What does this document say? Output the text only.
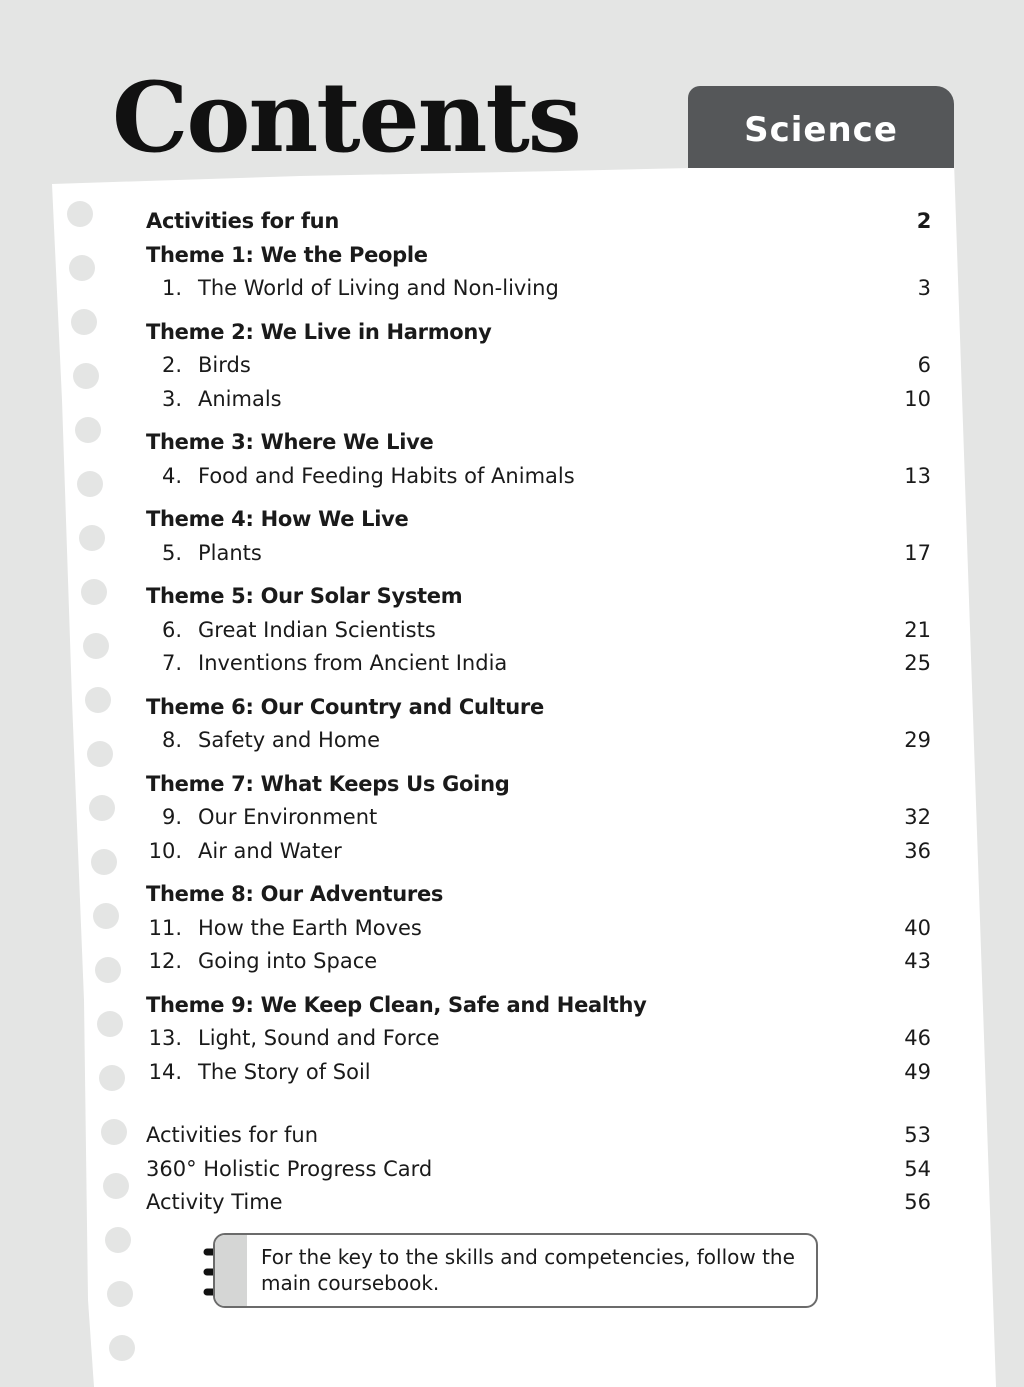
Contents	Science
Activities for fun	2
Theme 1: We the People
1. The World of Living and Non-living	3
Theme 2: We Live in Harmony
2. Birds	6
3. Animals	10
Theme 3: Where We Live
4. Food and Feeding Habits of Animals	13
Theme 4: How We Live
5. Plants	17
Theme 5: Our Solar System
6. Great Indian Scientists	21
7. Inventions from Ancient India	25
Theme 6: Our Country and Culture
8. Safety and Home	29
Theme 7: What Keeps Us Going
9. Our Environment	32
10. Air and Water	36
Theme 8: Our Adventures
11. How the Earth Moves	40
12. Going into Space	43
Theme 9: We Keep Clean, Safe and Healthy
13. Light, Sound and Force	46
14. The Story of Soil	49
Activities for fun	53
360° Holistic Progress Card	54
Activity Time	56
For the key to the skills and competencies, follow the main coursebook.
